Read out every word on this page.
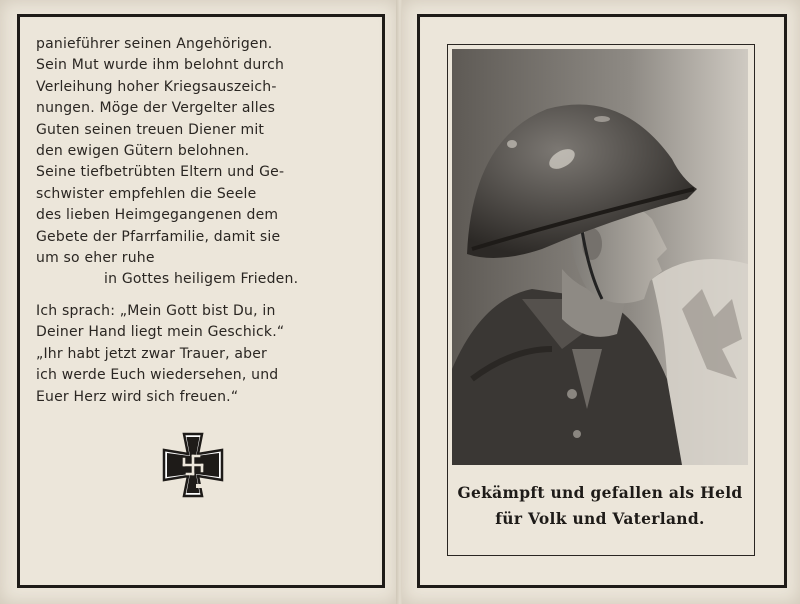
panieführer seinen Angehörigen.
Sein Mut wurde ihm belohnt durch
Verleihung hoher Kriegsauszeich-
nungen. Möge der Vergelter alles
Guten seinen treuen Diener mit
den ewigen Gütern belohnen.
Seine tiefbetrübten Eltern und Ge-
schwister empfehlen die Seele
des lieben Heimgegangenen dem
Gebete der Pfarrfamilie, damit sie
um so eher ruhe
in Gottes heiligem Frieden.
Ich sprach: „Mein Gott bist Du, in
Deiner Hand liegt mein Geschick.“
„Ihr habt jetzt zwar Trauer, aber
ich werde Euch wiedersehen, und
Euer Herz wird sich freuen.“
Gekämpft und gefallen als Held
für Volk und Vaterland.
